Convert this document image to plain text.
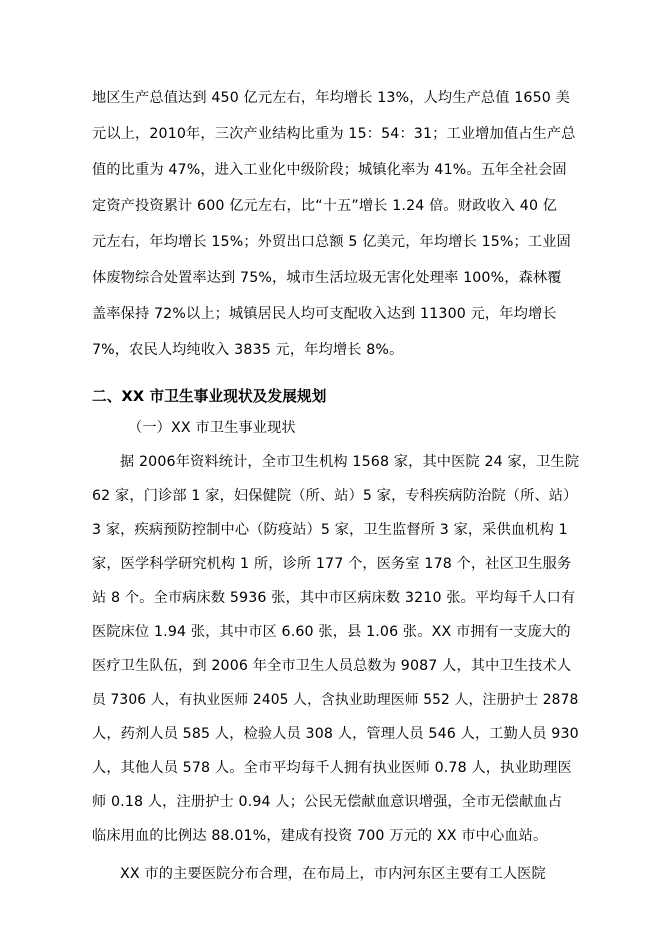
地区生产总值达到 450 亿元左右，年均增长 13%，人均生产总值 1650 美
元以上，2010年，三次产业结构比重为 15：54：31；工业增加值占生产总
值的比重为 47%，进入工业化中级阶段；城镇化率为 41%。五年全社会固
定资产投资累计 600 亿元左右，比“十五”增长 1.24 倍。财政收入 40 亿
元左右，年均增长 15%；外贸出口总额 5 亿美元，年均增长 15%；工业固
体废物综合处置率达到 75%，城市生活垃圾无害化处理率 100%，森林覆
盖率保持 72%以上；城镇居民人均可支配收入达到 11300 元，年均增长
7%，农民人均纯收入 3835 元，年均增长 8%。
二、XX 市卫生事业现状及发展规划
（一）XX 市卫生事业现状
据 2006年资料统计，全市卫生机构 1568 家，其中医院 24 家，卫生院
62 家，门诊部 1 家，妇保健院（所、站）5 家，专科疾病防治院（所、站）
3 家，疾病预防控制中心（防疫站）5 家，卫生监督所 3 家，采供血机构 1
家，医学科学研究机构 1 所，诊所 177 个，医务室 178 个，社区卫生服务
站 8 个。全市病床数 5936 张，其中市区病床数 3210 张。平均每千人口有
医院床位 1.94 张，其中市区 6.60 张，县 1.06 张。XX 市拥有一支庞大的
医疗卫生队伍，到 2006 年全市卫生人员总数为 9087 人，其中卫生技术人
员 7306 人，有执业医师 2405 人，含执业助理医师 552 人，注册护士 2878
人，药剂人员 585 人，检验人员 308 人，管理人员 546 人，工勤人员 930
人，其他人员 578 人。全市平均每千人拥有执业医师 0.78 人，执业助理医
师 0.18 人，注册护士 0.94 人；公民无偿献血意识增强，全市无偿献血占
临床用血的比例达 88.01%，建成有投资 700 万元的 XX 市中心血站。
XX 市的主要医院分布合理，在布局上，市内河东区主要有工人医院
